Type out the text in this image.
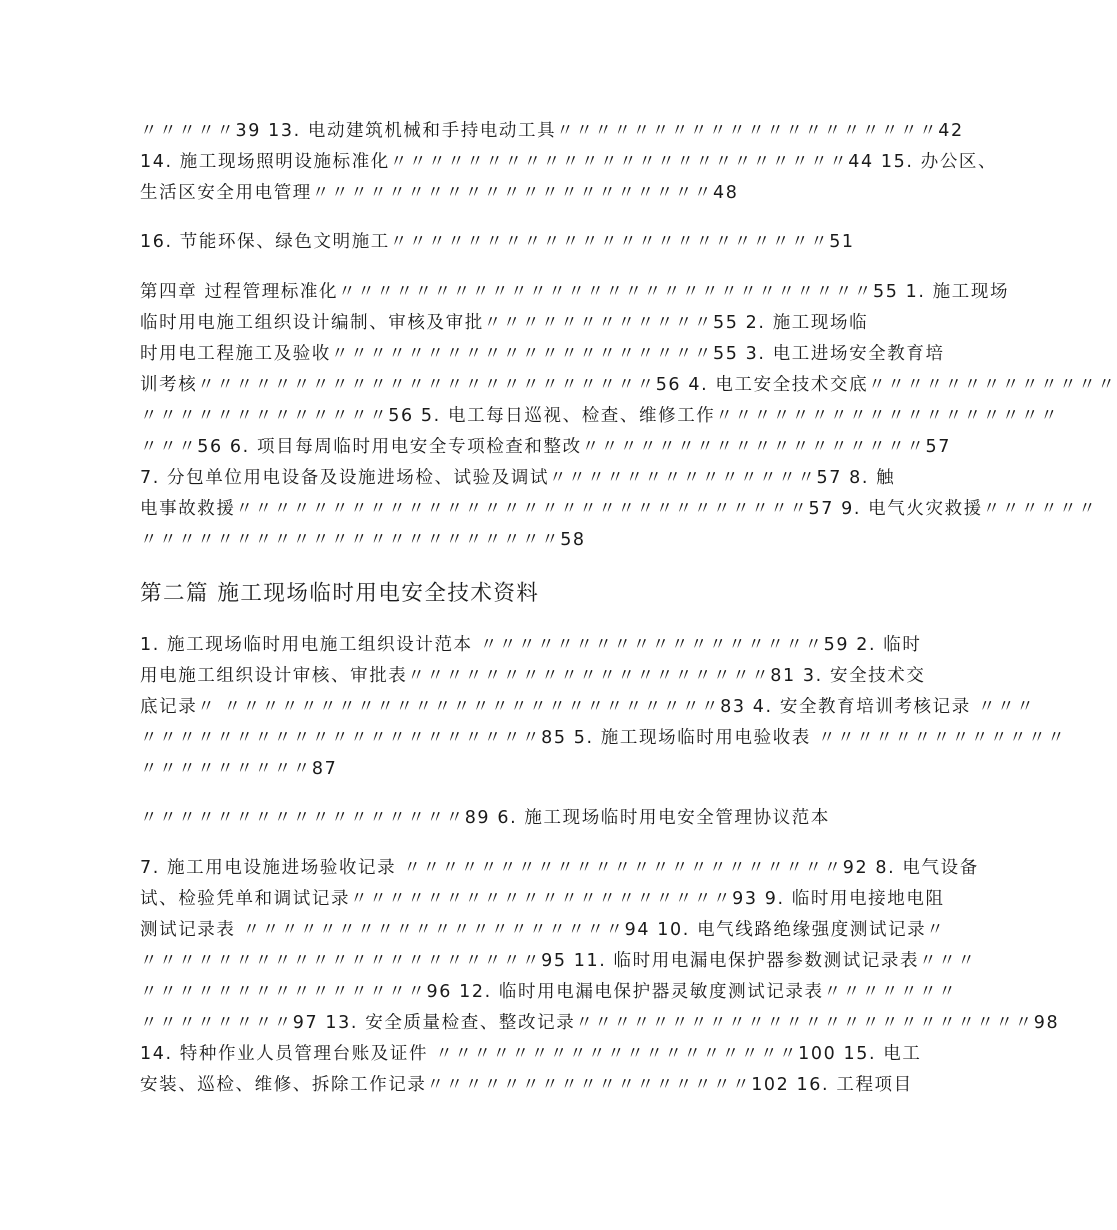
〃〃〃〃〃39 13. 电动建筑机械和手持电动工具〃〃〃〃〃〃〃〃〃〃〃〃〃〃〃〃〃〃〃〃42
14. 施工现场照明设施标准化〃〃〃〃〃〃〃〃〃〃〃〃〃〃〃〃〃〃〃〃〃〃〃〃44 15. 办公区、
生活区安全用电管理〃〃〃〃〃〃〃〃〃〃〃〃〃〃〃〃〃〃〃〃〃48
16. 节能环保、绿色文明施工〃〃〃〃〃〃〃〃〃〃〃〃〃〃〃〃〃〃〃〃〃〃〃51
第四章 过程管理标准化〃〃〃〃〃〃〃〃〃〃〃〃〃〃〃〃〃〃〃〃〃〃〃〃〃〃〃〃55 1. 施工现场
临时用电施工组织设计编制、审核及审批〃〃〃〃〃〃〃〃〃〃〃〃55 2. 施工现场临
时用电工程施工及验收〃〃〃〃〃〃〃〃〃〃〃〃〃〃〃〃〃〃〃〃55 3. 电工进场安全教育培
训考核〃〃〃〃〃〃〃〃〃〃〃〃〃〃〃〃〃〃〃〃〃〃〃〃56 4. 电工安全技术交底〃〃〃〃〃〃〃〃〃〃〃〃〃
〃〃〃〃〃〃〃〃〃〃〃〃〃56 5. 电工每日巡视、检查、维修工作〃〃〃〃〃〃〃〃〃〃〃〃〃〃〃〃〃〃
〃〃〃56 6. 项目每周临时用电安全专项检查和整改〃〃〃〃〃〃〃〃〃〃〃〃〃〃〃〃〃〃57
7. 分包单位用电设备及设施进场检、试验及调试〃〃〃〃〃〃〃〃〃〃〃〃〃〃57 8. 触
电事故救援〃〃〃〃〃〃〃〃〃〃〃〃〃〃〃〃〃〃〃〃〃〃〃〃〃〃〃〃〃〃57 9. 电气火灾救援〃〃〃〃〃〃
〃〃〃〃〃〃〃〃〃〃〃〃〃〃〃〃〃〃〃〃〃〃58
第二篇 施工现场临时用电安全技术资料
1. 施工现场临时用电施工组织设计范本 〃〃〃〃〃〃〃〃〃〃〃〃〃〃〃〃〃〃59 2. 临时
用电施工组织设计审核、审批表〃〃〃〃〃〃〃〃〃〃〃〃〃〃〃〃〃〃〃81 3. 安全技术交
底记录〃 〃〃〃〃〃〃〃〃〃〃〃〃〃〃〃〃〃〃〃〃〃〃〃〃〃〃83 4. 安全教育培训考核记录 〃〃〃
〃〃〃〃〃〃〃〃〃〃〃〃〃〃〃〃〃〃〃〃〃85 5. 施工现场临时用电验收表 〃〃〃〃〃〃〃〃〃〃〃〃〃
〃〃〃〃〃〃〃〃〃87
〃〃〃〃〃〃〃〃〃〃〃〃〃〃〃〃〃89 6. 施工现场临时用电安全管理协议范本
7. 施工用电设施进场验收记录 〃〃〃〃〃〃〃〃〃〃〃〃〃〃〃〃〃〃〃〃〃〃〃92 8. 电气设备
试、检验凭单和调试记录〃〃〃〃〃〃〃〃〃〃〃〃〃〃〃〃〃〃〃〃93 9. 临时用电接地电阻
测试记录表 〃〃〃〃〃〃〃〃〃〃〃〃〃〃〃〃〃〃〃〃94 10. 电气线路绝缘强度测试记录〃
〃〃〃〃〃〃〃〃〃〃〃〃〃〃〃〃〃〃〃〃〃95 11. 临时用电漏电保护器参数测试记录表〃〃〃
〃〃〃〃〃〃〃〃〃〃〃〃〃〃〃96 12. 临时用电漏电保护器灵敏度测试记录表〃〃〃〃〃〃〃
〃〃〃〃〃〃〃〃97 13. 安全质量检查、整改记录〃〃〃〃〃〃〃〃〃〃〃〃〃〃〃〃〃〃〃〃〃〃〃〃98
14. 特种作业人员管理台账及证件 〃〃〃〃〃〃〃〃〃〃〃〃〃〃〃〃〃〃〃100 15. 电工
安装、巡检、维修、拆除工作记录〃〃〃〃〃〃〃〃〃〃〃〃〃〃〃〃〃102 16. 工程项目
